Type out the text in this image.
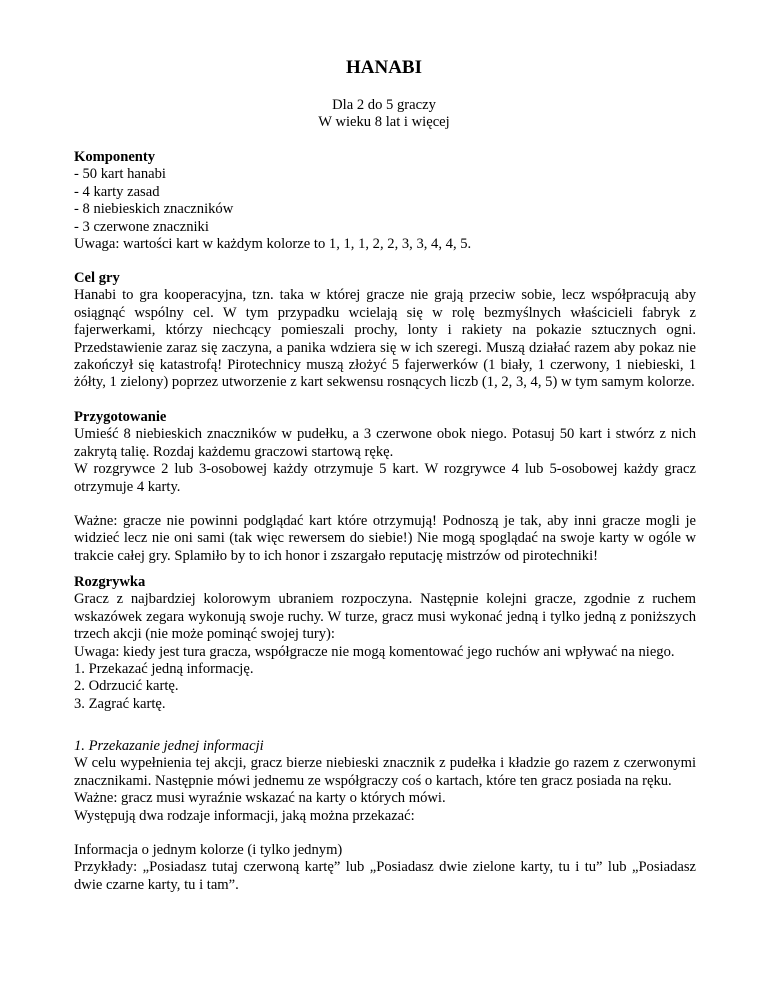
HANABI
Dla 2 do 5 graczy
W wieku 8 lat i więcej
Komponenty
- 50 kart hanabi
- 4 karty zasad
- 8 niebieskich znaczników
- 3 czerwone znaczniki
Uwaga: wartości kart w każdym kolorze to 1, 1, 1, 2, 2, 3, 3, 4, 4, 5.
Cel gry

Hanabi to gra kooperacyjna, tzn. taka w której gracze nie grają przeciw sobie, lecz współpracują aby osiągnąć wspólny cel. W tym przypadku wcielają się w rolę bezmyślnych właścicieli fabryk z fajerwerkami, którzy niechcący pomieszali prochy, lonty i rakiety na pokazie sztucznych ogni. Przedstawienie zaraz się zaczyna, a panika wdziera się w ich szeregi. Muszą działać razem aby pokaz nie zakończył się katastrofą! Pirotechnicy muszą złożyć 5 fajerwerków (1 biały, 1 czerwony, 1 niebieski, 1 żółty, 1 zielony) poprzez utworzenie z kart sekwensu rosnących liczb (1, 2, 3, 4, 5) w tym samym kolorze.

Przygotowanie

Umieść 8 niebieskich znaczników w pudełku, a 3 czerwone obok niego. Potasuj 50 kart i stwórz z nich zakrytą talię. Rozdaj każdemu graczowi startową rękę.

W rozgrywce 2 lub 3-osobowej każdy otrzymuje 5 kart. W rozgrywce 4 lub 5-osobowej każdy gracz otrzymuje 4 karty.

Ważne: gracze nie powinni podglądać kart które otrzymują! Podnoszą je tak, aby inni gracze mogli je widzieć lecz nie oni sami (tak więc rewersem do siebie!) Nie mogą spoglądać na swoje karty w ogóle w trakcie całej gry. Splamiło by to ich honor i zszargało reputację mistrzów od pirotechniki!

Rozgrywka

Gracz z najbardziej kolorowym ubraniem rozpoczyna. Następnie kolejni gracze, zgodnie z ruchem wskazówek zegara wykonują swoje ruchy. W turze, gracz musi wykonać jedną i tylko jedną z poniższych trzech akcji (nie może pominąć swojej tury):

Uwaga: kiedy jest tura gracza, współgracze nie mogą komentować jego ruchów ani wpływać na niego.

1. Przekazać jedną informację.
2. Odrzucić kartę.
3. Zagrać kartę.
1. Przekazanie jednej informacji

W celu wypełnienia tej akcji, gracz bierze niebieski znacznik z pudełka i kładzie go razem z czerwonymi znacznikami. Następnie mówi jednemu ze współgraczy coś o kartach, które ten gracz posiada na ręku.

Ważne: gracz musi wyraźnie wskazać na karty o których mówi.

Występują dwa rodzaje informacji, jaką można przekazać:

Informacja o jednym kolorze (i tylko jednym)

Przykłady: „Posiadasz tutaj czerwoną kartę” lub „Posiadasz dwie zielone karty, tu i tu” lub „Posiadasz dwie czarne karty, tu i tam”.
